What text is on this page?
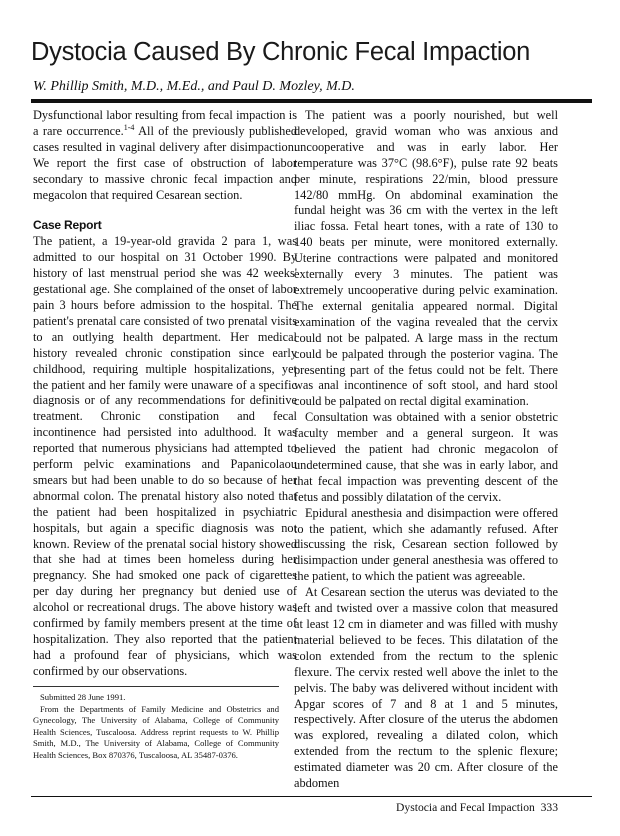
Dystocia Caused By Chronic Fecal Impaction
W. Phillip Smith, M.D., M.Ed., and Paul D. Mozley, M.D.

Dysfunctional labor resulting from fecal impaction is a rare occurrence.$^{1-4}$ All of the previously published cases resulted in vaginal delivery after disimpaction. We report the first case of obstruction of labor secondary to massive chronic fecal impaction and megacolon that required Cesarean section.

Case Report

The patient, a 19-year-old gravida 2 para 1, was admitted to our hospital on 31 October 1990. By history of last menstrual period she was 42 weeks' gestational age. She complained of the onset of labor pain 3 hours before admission to the hospital. The patient's prenatal care consisted of two prenatal visits to an outlying health department. Her medical history revealed chronic constipation since early childhood, requiring multiple hospitalizations, yet the patient and her family were unaware of a specific diagnosis or of any recommendations for definitive treatment. Chronic constipation and fecal incontinence had persisted into adulthood. It was reported that numerous physicians had attempted to perform pelvic examinations and Papanicolaou smears but had been unable to do so because of her abnormal colon. The prenatal history also noted that the patient had been hospitalized in psychiatric hospitals, but again a specific diagnosis was not known. Review of the prenatal social history showed that she had at times been homeless during her pregnancy. She had smoked one pack of cigarettes per day during her pregnancy but denied use of alcohol or recreational drugs. The above history was confirmed by family members present at the time of hospitalization. They also reported that the patient had a profound fear of physicians, which was confirmed by our observations.

The patient was a poorly nourished, but well developed, gravid woman who was anxious and uncooperative and was in early labor. Her temperature was 37°C (98.6°F), pulse rate 92 beats per minute, respirations 22/min, blood pressure 142/80 mmHg. On abdominal examination the fundal height was 36 cm with the vertex in the left iliac fossa. Fetal heart tones, with a rate of 130 to 140 beats per minute, were monitored externally. Uterine contractions were palpated and monitored externally every 3 minutes. The patient was extremely uncooperative during pelvic examination. The external genitalia appeared normal. Digital examination of the vagina revealed that the cervix could not be palpated. A large mass in the rectum could be palpated through the posterior vagina. The presenting part of the fetus could not be felt. There was anal incontinence of soft stool, and hard stool could be palpated on rectal digital examination.

Consultation was obtained with a senior obstetric faculty member and a general surgeon. It was believed the patient had chronic megacolon of undetermined cause, that she was in early labor, and that fecal impaction was preventing descent of the fetus and possibly dilatation of the cervix.

Epidural anesthesia and disimpaction were offered to the patient, which she adamantly refused. After discussing the risk, Cesarean section followed by disimpaction under general anesthesia was offered to the patient, to which the patient was agreeable.

At Cesarean section the uterus was deviated to the left and twisted over a massive colon that measured at least 12 cm in diameter and was filled with mushy material believed to be feces. This dilatation of the colon extended from the rectum to the splenic flexure. The cervix rested well above the inlet to the pelvis. The baby was delivered without incident with Apgar scores of 7 and 8 at 1 and 5 minutes, respectively. After closure of the uterus the abdomen was explored, revealing a dilated colon, which extended from the rectum to the splenic flexure; estimated diameter was 20 cm. After closure of the abdomen

Submitted 28 June 1991.

From the Departments of Family Medicine and Obstetrics and Gynecology, The University of Alabama, College of Community Health Sciences, Tuscaloosa. Address reprint requests to W. Phillip Smith, M.D., The University of Alabama, College of Community Health Sciences, Box 870376, Tuscaloosa, AL 35487-0376.

Dystocia and Fecal Impaction 333
